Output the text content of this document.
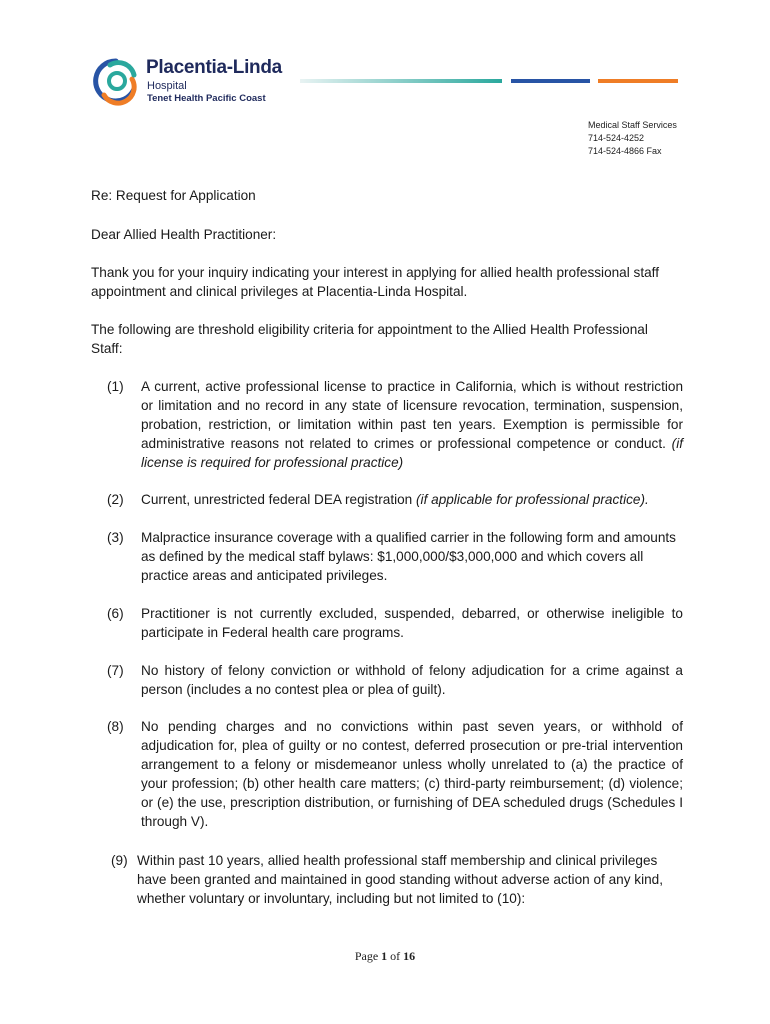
Placentia-Linda
Hospital
Tenet Health Pacific Coast
Medical Staff Services
714-524-4252
714-524-4866 Fax
Re: Request for Application
Dear Allied Health Practitioner:
Thank you for your inquiry indicating your interest in applying for allied health professional staff appointment and clinical privileges at Placentia-Linda Hospital.
The following are threshold eligibility criteria for appointment to the Allied Health Professional Staff:
(1) A current, active professional license to practice in California, which is without restriction or limitation and no record in any state of licensure revocation, termination, suspension, probation, restriction, or limitation within past ten years. Exemption is permissible for administrative reasons not related to crimes or professional competence or conduct. (if license is required for professional practice)
(2) Current, unrestricted federal DEA registration (if applicable for professional practice).
(3) Malpractice insurance coverage with a qualified carrier in the following form and amounts as defined by the medical staff bylaws: $1,000,000/$3,000,000 and which covers all practice areas and anticipated privileges.
(6) Practitioner is not currently excluded, suspended, debarred, or otherwise ineligible to participate in Federal health care programs.
(7) No history of felony conviction or withhold of felony adjudication for a crime against a person (includes a no contest plea or plea of guilt).
(8) No pending charges and no convictions within past seven years, or withhold of adjudication for, plea of guilty or no contest, deferred prosecution or pre-trial intervention arrangement to a felony or misdemeanor unless wholly unrelated to (a) the practice of your profession; (b) other health care matters; (c) third-party reimbursement; (d) violence; or (e) the use, prescription distribution, or furnishing of DEA scheduled drugs (Schedules I through V).
(9) Within past 10 years, allied health professional staff membership and clinical privileges have been granted and maintained in good standing without adverse action of any kind, whether voluntary or involuntary, including but not limited to (10):
Page 1 of 16
